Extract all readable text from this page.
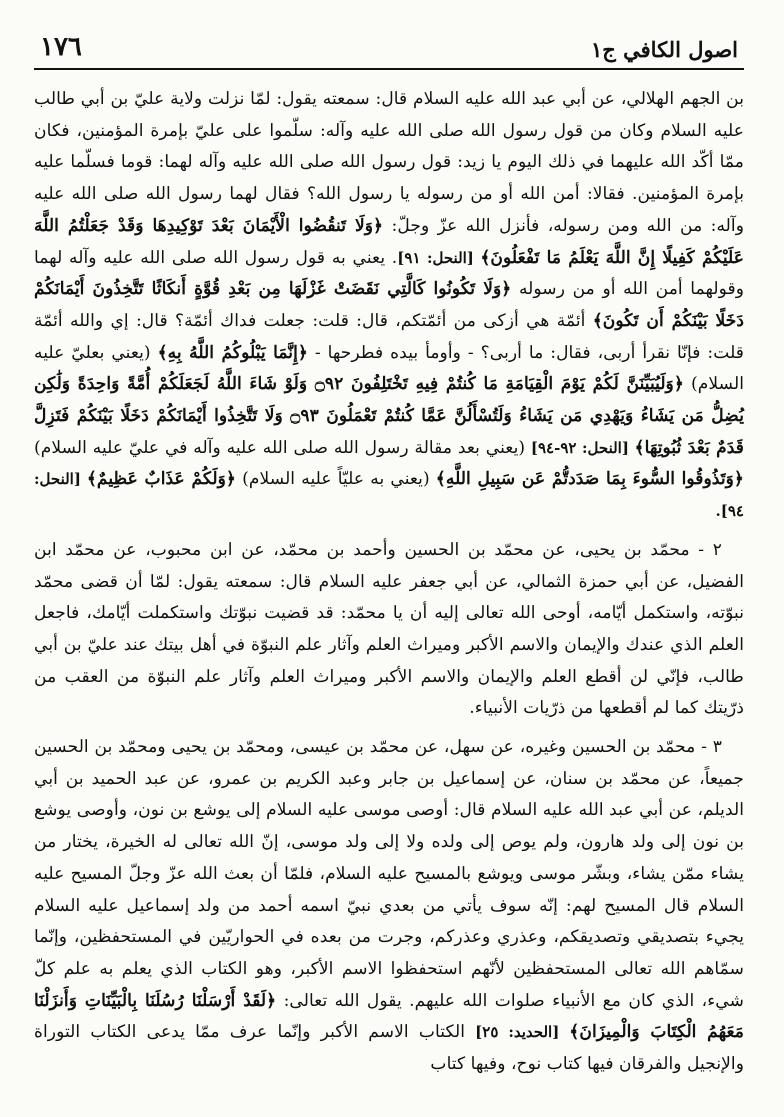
١٧٦	اصول الكافي ج١

بن الجهم الهلالي، عن أبي عبد الله عليه السلام قال: سمعته يقول: لمّا نزلت ولاية عليّ بن أبي طالب عليه السلام وكان من قول رسول الله صلى الله عليه وآله: سلّموا على عليّ بإمرة المؤمنين، فكان ممّا أكّد الله عليهما في ذلك اليوم يا زيد: قول رسول الله صلى الله عليه وآله لهما: قوما فسلّما عليه بإمرة المؤمنين. فقالا: أمن الله أو من رسوله يا رسول الله؟ فقال لهما رسول الله صلى الله عليه وآله: من الله ومن رسوله، فأنزل الله عزّ وجلّ: ﴿وَلَا تَنقُضُوا الْأَيْمَانَ بَعْدَ تَوْكِيدِهَا وَقَدْ جَعَلْتُمُ اللَّهَ عَلَيْكُمْ كَفِيلًا إِنَّ اللَّهَ يَعْلَمُ مَا تَفْعَلُونَ﴾ [النحل: ٩١]. يعني به قول رسول الله صلى الله عليه وآله لهما وقولهما أمن الله أو من رسوله ﴿وَلَا تَكُونُوا كَالَّتِي نَقَضَتْ غَزْلَهَا مِن بَعْدِ قُوَّةٍ أَنكَاثًا تَتَّخِذُونَ أَيْمَانَكُمْ دَخَلًا بَيْنَكُمْ أَن تَكُونَ﴾ أئمّة هي أزكى من أئمّتكم، قال: قلت: جعلت فداك أئمّة؟ قال: إي والله أئمّة قلت: فإنّا نقرأ أربى، فقال: ما أربى؟ - وأومأ بيده فطرحها - ﴿إِنَّمَا يَبْلُوكُمُ اللَّهُ بِهِ﴾ (يعني بعليّ عليه السلام) ﴿وَلَيُبَيِّنَنَّ لَكُمْ يَوْمَ الْقِيَامَةِ مَا كُنتُمْ فِيهِ تَخْتَلِفُونَ ۝٩٢ وَلَوْ شَاءَ اللَّهُ لَجَعَلَكُمْ أُمَّةً وَاحِدَةً وَلَٰكِن يُضِلُّ مَن يَشَاءُ وَيَهْدِي مَن يَشَاءُ وَلَتُسْأَلُنَّ عَمَّا كُنتُمْ تَعْمَلُونَ ۝٩٣ وَلَا تَتَّخِذُوا أَيْمَانَكُمْ دَخَلًا بَيْنَكُمْ فَتَزِلَّ قَدَمٌ بَعْدَ ثُبُوتِهَا﴾ [النحل: ٩٢-٩٤] (يعني بعد مقالة رسول الله صلى الله عليه وآله في عليّ عليه السلام) ﴿وَتَذُوقُوا السُّوءَ بِمَا صَدَدتُّمْ عَن سَبِيلِ اللَّهِ﴾ (يعني به عليّاً عليه السلام) ﴿وَلَكُمْ عَذَابٌ عَظِيمٌ﴾ [النحل: ٩٤].

٢ - محمّد بن يحيى، عن محمّد بن الحسين وأحمد بن محمّد، عن ابن محبوب، عن محمّد ابن الفضيل، عن أبي حمزة الثمالي، عن أبي جعفر عليه السلام قال: سمعته يقول: لمّا أن قضى محمّد نبوّته، واستكمل أيّامه، أوحى الله تعالى إليه أن يا محمّد: قد قضيت نبوّتك واستكملت أيّامك، فاجعل العلم الذي عندك والإيمان والاسم الأكبر وميراث العلم وآثار علم النبوّة في أهل بيتك عند عليّ بن أبي طالب، فإنّي لن أقطع العلم والإيمان والاسم الأكبر وميراث العلم وآثار علم النبوّة من العقب من ذرّيتك كما لم أقطعها من ذرّيات الأنبياء.

٣ - محمّد بن الحسين وغيره، عن سهل، عن محمّد بن عيسى، ومحمّد بن يحيى ومحمّد بن الحسين جميعاً، عن محمّد بن سنان، عن إسماعيل بن جابر وعبد الكريم بن عمرو، عن عبد الحميد بن أبي الديلم، عن أبي عبد الله عليه السلام قال: أوصى موسى عليه السلام إلى يوشع بن نون، وأوصى يوشع بن نون إلى ولد هارون، ولم يوص إلى ولده ولا إلى ولد موسى، إنّ الله تعالى له الخيرة، يختار من يشاء ممّن يشاء، وبشّر موسى ويوشع بالمسيح عليه السلام، فلمّا أن بعث الله عزّ وجلّ المسيح عليه السلام قال المسيح لهم: إنّه سوف يأتي من بعدي نبيّ اسمه أحمد من ولد إسماعيل عليه السلام يجيء بتصديقي وتصديقكم، وعذري وعذركم، وجرت من بعده في الحواريّين في المستحفظين، وإنّما سمّاهم الله تعالى المستحفظين لأنّهم استحفظوا الاسم الأكبر، وهو الكتاب الذي يعلم به علم كلّ شيء، الذي كان مع الأنبياء صلوات الله عليهم. يقول الله تعالى: ﴿لَقَدْ أَرْسَلْنَا رُسُلَنَا بِالْبَيِّنَاتِ وَأَنزَلْنَا مَعَهُمُ الْكِتَابَ وَالْمِيزَانَ﴾ [الحديد: ٢٥] الكتاب الاسم الأكبر وإنّما عرف ممّا يدعى الكتاب التوراة والإنجيل والفرقان فيها كتاب نوح، وفيها كتاب
